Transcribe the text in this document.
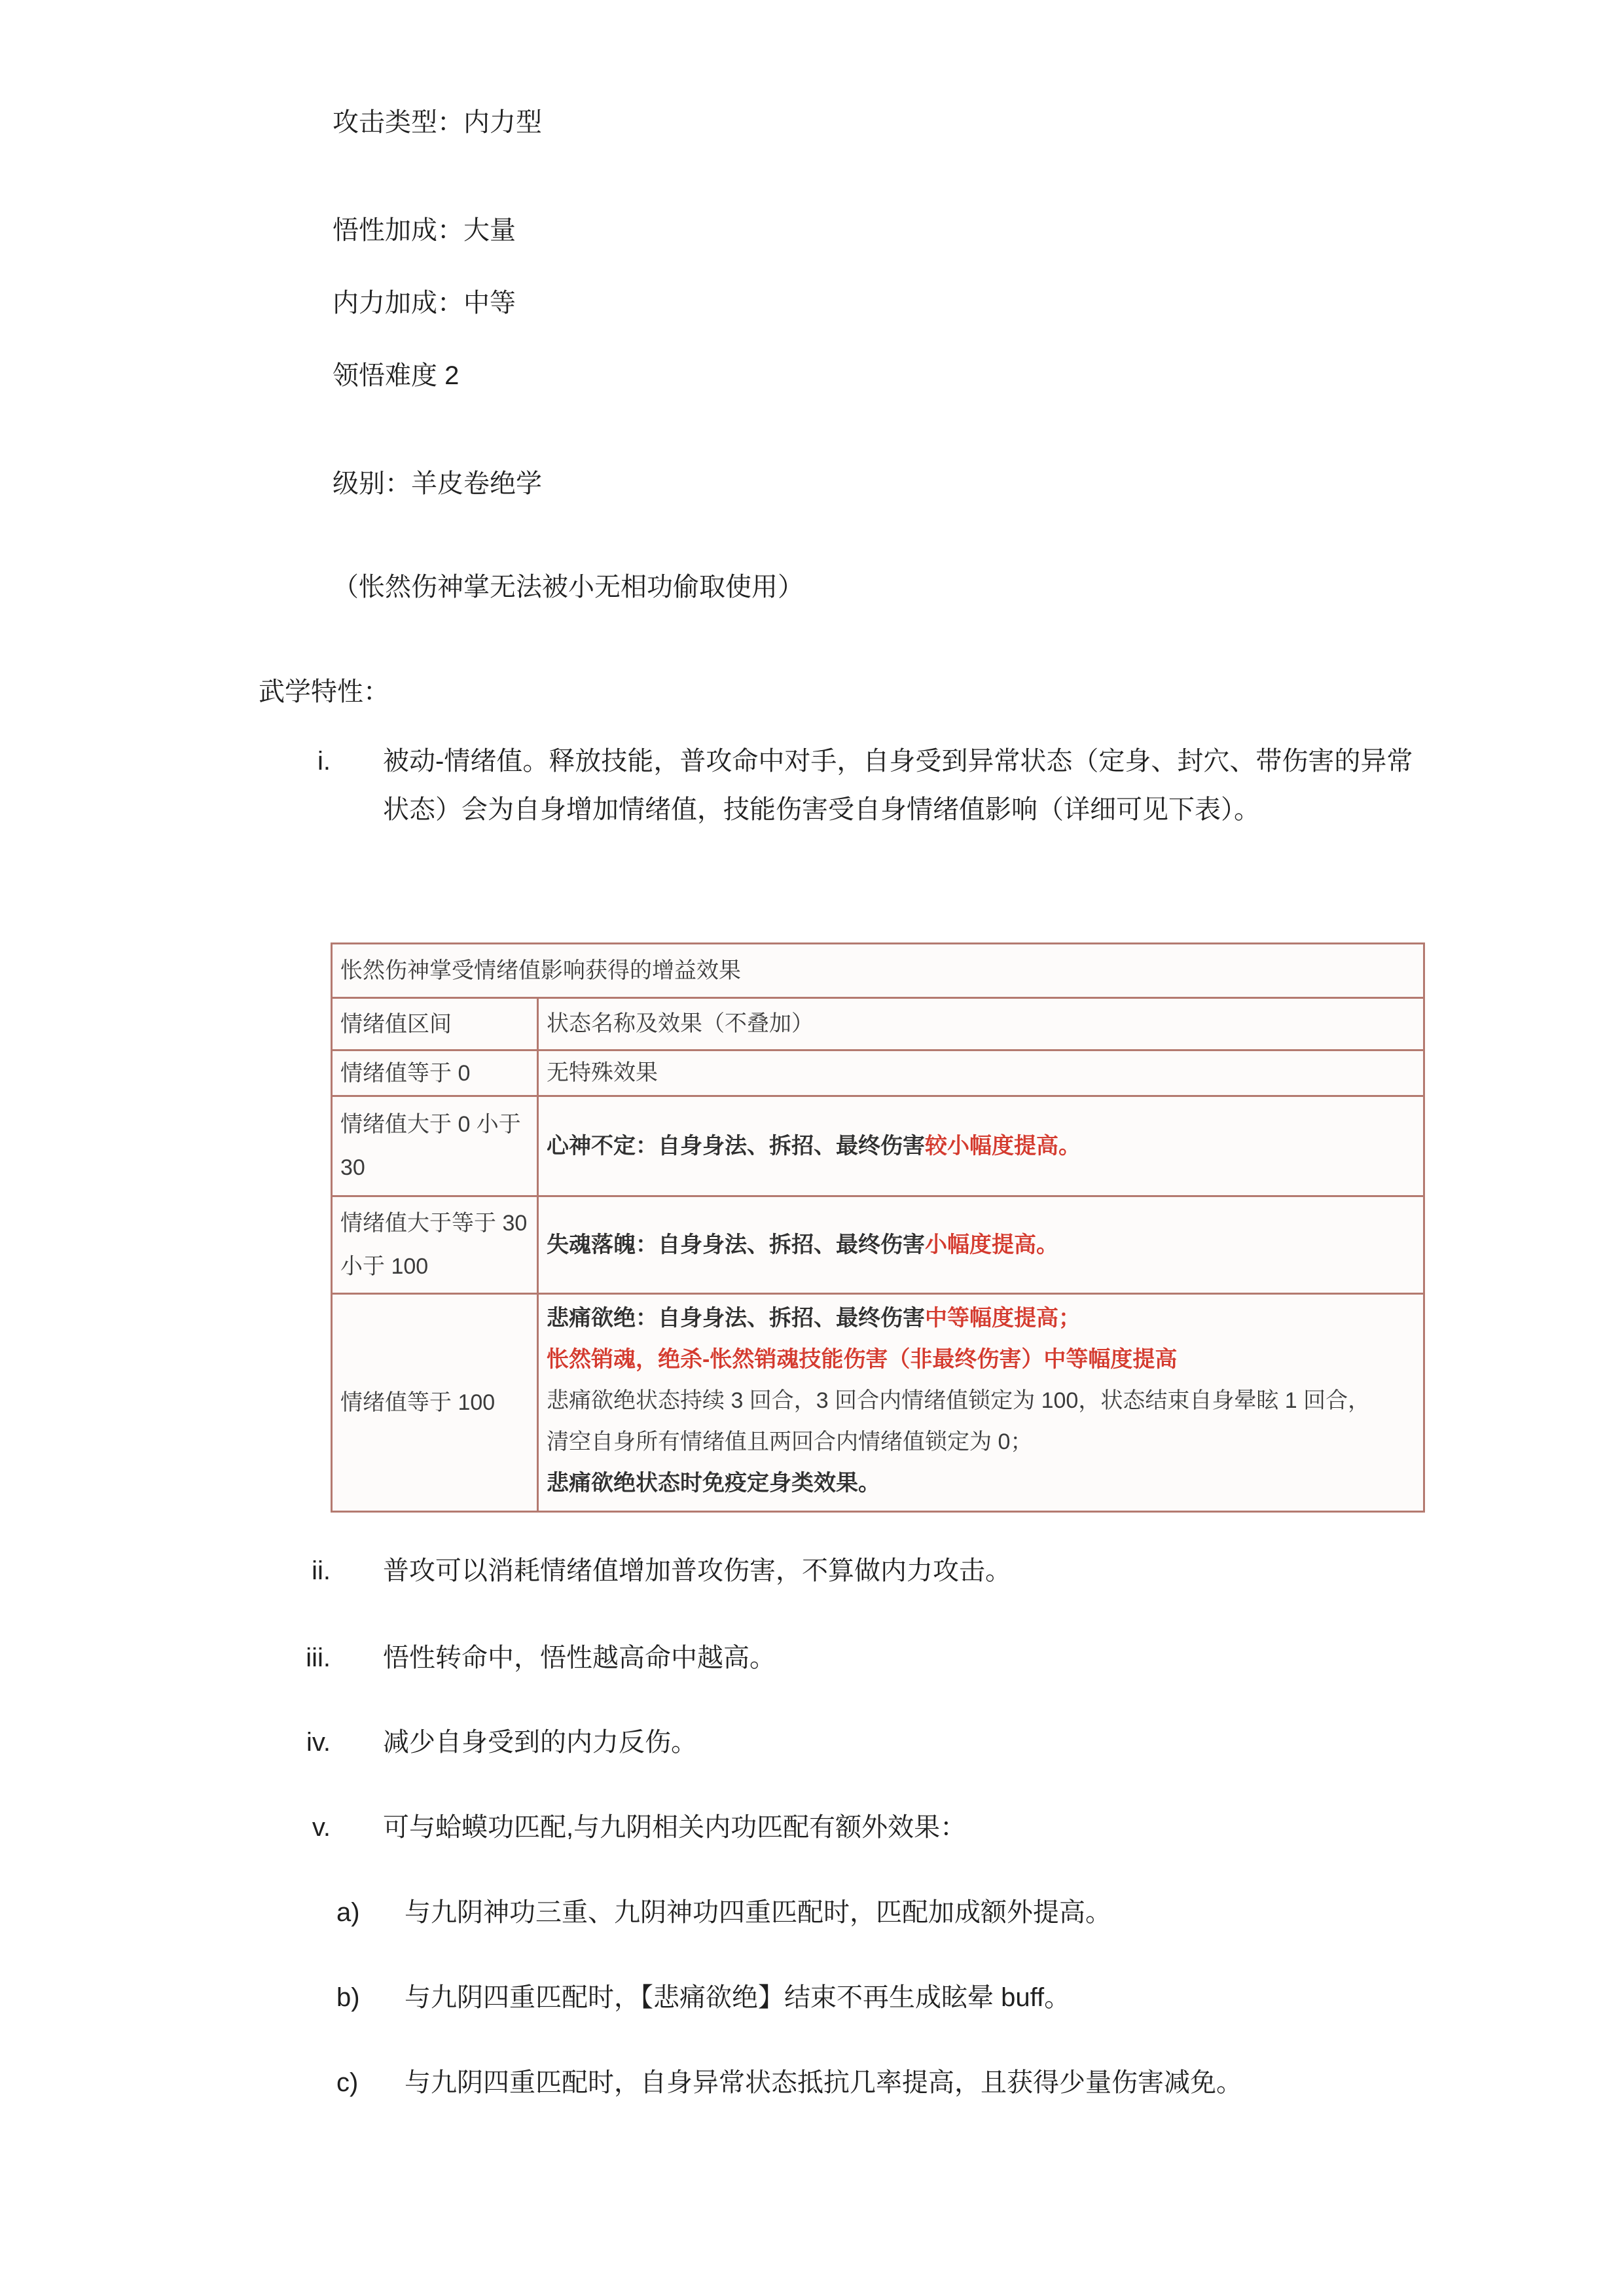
攻击类型：内力型

悟性加成：大量

内力加成：中等

领悟难度 2

级别：羊皮卷绝学

（怅然伤神掌无法被小无相功偷取使用）

武学特性：

i. 被动-情绪值。释放技能，普攻命中对手，自身受到异常状态（定身、封穴、带伤害的异常状态）会为自身增加情绪值，技能伤害受自身情绪值影响（详细可见下表）。
怅然伤神掌受情绪值影响获得的增益效果
情绪值区间	状态名称及效果（不叠加）
情绪值等于 0	无特殊效果
情绪值大于 0 小于 30
心神不定：自身身法、拆招、最终伤害较小幅度提高。
情绪值大于等于 30 小于 100
失魂落魄：自身身法、拆招、最终伤害小幅度提高。
情绪值等于 100
悲痛欲绝：自身身法、拆招、最终伤害中等幅度提高；
怅然销魂，绝杀-怅然销魂技能伤害（非最终伤害）中等幅度提高
悲痛欲绝状态持续 3 回合，3 回合内情绪值锁定为 100，状态结束自身晕眩 1 回合，
清空自身所有情绪值且两回合内情绪值锁定为 0；
悲痛欲绝状态时免疫定身类效果。
ii. 普攻可以消耗情绪值增加普攻伤害，不算做内力攻击。
iii. 悟性转命中，悟性越高命中越高。
iv. 减少自身受到的内力反伤。
v. 可与蛤蟆功匹配,与九阴相关内功匹配有额外效果：
a) 与九阴神功三重、九阴神功四重匹配时，匹配加成额外提高。
b) 与九阴四重匹配时，【悲痛欲绝】结束不再生成眩晕 buff。
c) 与九阴四重匹配时，自身异常状态抵抗几率提高，且获得少量伤害减免。
